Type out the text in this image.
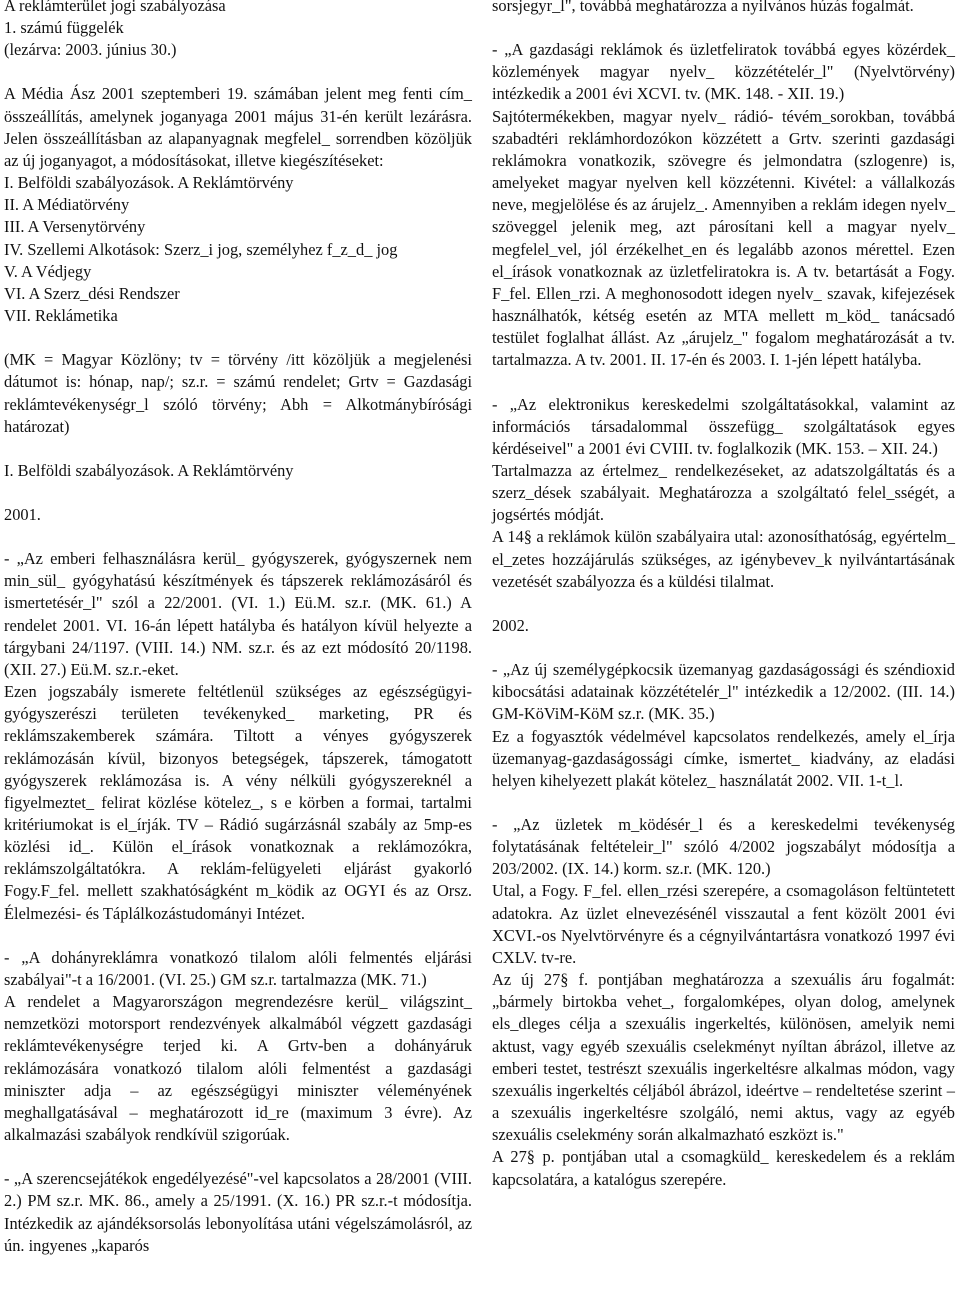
A reklámterület jogi szabályozása
1. számú függelék
(lezárva: 2003. június 30.)

A Média Ász 2001 szeptemberi 19. számában jelent meg fenti cím_ összeállítás, amelynek joganyaga 2001 május 31-én került lezárásra. Jelen összeállításban az alapanyagnak megfelel_ sorrendben közöljük az új joganyagot, a módosításokat, illetve kiegészítéseket:

I. Belföldi szabályozások. A Reklámtörvény
II. A Médiatörvény
III. A Versenytörvény
IV. Szellemi Alkotások: Szerz_i jog, személyhez f_z_d_ jog
V. A Védjegy
VI. A Szerz_dési Rendszer
VII. Reklámetika

(MK = Magyar Közlöny; tv = törvény /itt közöljük a megjelenési dátumot is: hónap, nap/; sz.r. = számú rendelet; Grtv = Gazdasági reklámtevékenységr_l szóló törvény; Abh = Alkotmánybírósági határozat)

I. Belföldi szabályozások. A Reklámtörvény

2001.

- „Az emberi felhasználásra kerül_ gyógyszerek, gyógyszernek nem min_sül_ gyógyhatású készítmények és tápszerek reklámozásáról és ismertetésér_l" szól a 22/2001. (VI. 1.) Eü.M. sz.r. (MK. 61.) A rendelet 2001. VI. 16-án lépett hatályba és hatályon kívül helyezte a tárgybani 24/1197. (VIII. 14.) NM. sz.r. és az ezt módosító 20/1198. (XII. 27.) Eü.M. sz.r.-eket.

Ezen jogszabály ismerete feltétlenül szükséges az egészségügyi-gyógyszerészi területen tevékenyked_ marketing, PR és reklámszakemberek számára. Tiltott a vényes gyógyszerek reklámozásán kívül, bizonyos betegségek, tápszerek, támogatott gyógyszerek reklámozása is. A vény nélküli gyógyszereknél a figyelmeztet_ felirat közlése kötelez_, s e körben a formai, tartalmi kritériumokat is el_írják. TV – Rádió sugárzásnál szabály az 5mp-es közlési id_. Külön el_írások vonatkoznak a reklámozókra, reklámszolgáltatókra. A reklám-felügyeleti eljárást gyakorló Fogy.F_fel. mellett szakhatóságként m_ködik az OGYI és az Orsz. Élelmezési- és Táplálkozástudományi Intézet.

- „A dohányreklámra vonatkozó tilalom alóli felmentés eljárási szabályai"-t a 16/2001. (VI. 25.) GM sz.r. tartalmazza (MK. 71.)

A rendelet a Magyarországon megrendezésre kerül_ világszint_ nemzetközi motorsport rendezvények alkalmából végzett gazdasági reklámtevékenységre terjed ki. A Grtv-ben a dohányáruk reklámozására vonatkozó tilalom alóli felmentést a gazdasági miniszter adja – az egészségügyi miniszter véleményének meghallgatásával – meghatározott id_re (maximum 3 évre). Az alkalmazási szabályok rendkívül szigorúak.

- „A szerencsejátékok engedélyezésé"-vel kapcsolatos a 28/2001 (VIII. 2.) PM sz.r. MK. 86., amely a 25/1991. (X. 16.) PR sz.r.-t módosítja. Intézkedik az ajándéksorsolás lebonyolítása utáni végelszámolásról, az ún. ingyenes „kaparós

sorsjegyr_l", továbbá meghatározza a nyilvános húzás fogalmát.

- „A gazdasági reklámok és üzletfeliratok továbbá egyes közérdek_ közlemények magyar nyelv_ közzétételér_l" (Nyelvtörvény) intézkedik a 2001 évi XCVI. tv. (MK. 148. - XII. 19.)

Sajtótermékekben, magyar nyelv_ rádió- tévém_sorokban, továbbá szabadtéri reklámhordozókon közzétett a Grtv. szerinti gazdasági reklámokra vonatkozik, szövegre és jelmondatra (szlogenre) is, amelyeket magyar nyelven kell közzétenni. Kivétel: a vállalkozás neve, megjelölése és az árujelz_. Amennyiben a reklám idegen nyelv_ szöveggel jelenik meg, azt párosítani kell a magyar nyelv_ megfelel_vel, jól érzékelhet_en és legalább azonos mérettel. Ezen el_írások vonatkoznak az üzletfeliratokra is. A tv. betartását a Fogy. F_fel. Ellen_rzi. A meghonosodott idegen nyelv_ szavak, kifejezések használhatók, kétség esetén az MTA mellett m_köd_ tanácsadó testület foglalhat állást. Az „árujelz_" fogalom meghatározását a tv. tartalmazza. A tv. 2001. II. 17-én és 2003. I. 1-jén lépett hatályba.

- „Az elektronikus kereskedelmi szolgáltatásokkal, valamint az információs társadalommal összefügg_ szolgáltatások egyes kérdéseivel" a 2001 évi CVIII. tv. foglalkozik (MK. 153. – XII. 24.)

Tartalmazza az értelmez_ rendelkezéseket, az adatszolgáltatás és a szerz_dések szabályait. Meghatározza a szolgáltató felel_sségét, a jogsértés módját.

A 14§ a reklámok külön szabályaira utal: azonosíthatóság, egyértelm_ el_zetes hozzájárulás szükséges, az igénybevev_k nyilvántartásának vezetését szabályozza és a küldési tilalmat.

2002.

- „Az új személygépkocsik üzemanyag gazdaságossági és széndioxid kibocsátási adatainak közzétételér_l" intézkedik a 12/2002. (III. 14.) GM-KöViM-KöM sz.r. (MK. 35.)

Ez a fogyasztók védelmével kapcsolatos rendelkezés, amely el_írja üzemanyag-gazdaságossági címke, ismertet_ kiadvány, az eladási helyen kihelyezett plakát kötelez_ használatát 2002. VII. 1-t_l.

- „Az üzletek m_ködésér_l és a kereskedelmi tevékenység folytatásának feltételeir_l" szóló 4/2002 jogszabályt módosítja a 203/2002. (IX. 14.) korm. sz.r. (MK. 120.)

Utal, a Fogy. F_fel. ellen_rzési szerepére, a csomagoláson feltüntetett adatokra. Az üzlet elnevezésénél visszautal a fent közölt 2001 évi XCVI.-os Nyelvtörvényre és a cégnyilvántartásra vonatkozó 1997 évi CXLV. tv-re.

Az új 27§ f. pontjában meghatározza a szexuális áru fogalmát: „bármely birtokba vehet_, forgalomképes, olyan dolog, amelynek els_dleges célja a szexuális ingerkeltés, különösen, amelyik nemi aktust, vagy egyéb szexuális cselekményt nyíltan ábrázol, illetve az emberi testet, testrészt szexuális ingerkeltésre alkalmas módon, vagy szexuális ingerkeltés céljából ábrázol, ideértve – rendeltetése szerint – a szexuális ingerkeltésre szolgáló, nemi aktus, vagy az egyéb szexuális cselekmény során alkalmazható eszközt is."

A 27§ p. pontjában utal a csomagküld_ kereskedelem és a reklám kapcsolatára, a katalógus szerepére.
